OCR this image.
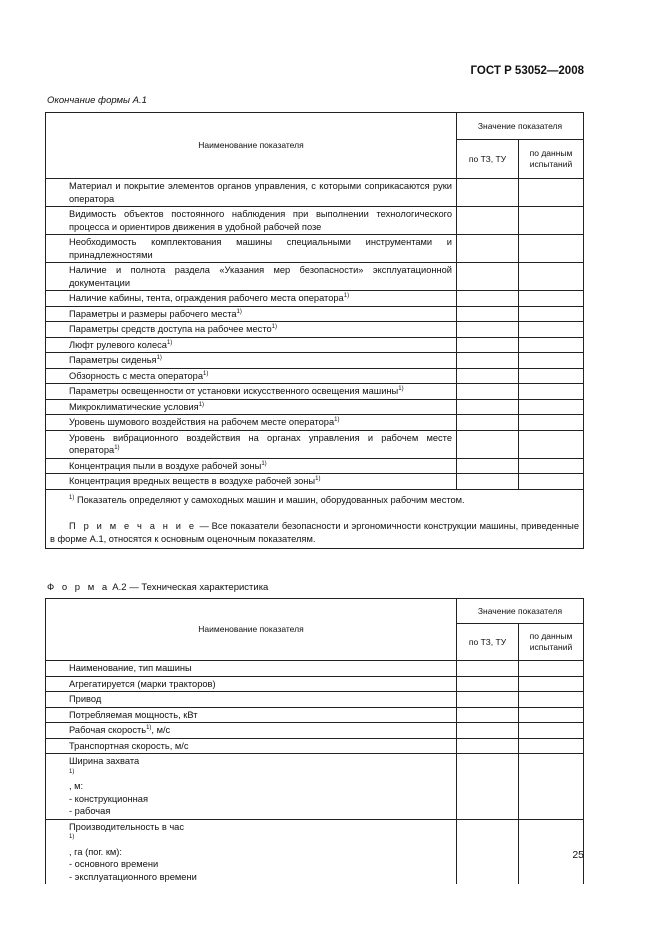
ГОСТ Р 53052—2008
Окончание формы А.1
Наименование показателя	Значение показателя	
	по ТЗ, ТУ	по данным
испытаний
Материал и покрытие элементов органов управления, с которыми соприкасаются руки оператора		
Видимость объектов постоянного наблюдения при выполнении технологического процесса и ориентиров движения в удобной рабочей позе		
Необходимость комплектования машины специальными инструментами и принадлежностями		
Наличие и полнота раздела «Указания мер безопасности» эксплуатационной документации		
Наличие кабины, тента, ограждения рабочего места оператора$^{1)}$		
Параметры и размеры рабочего места$^{1)}$		
Параметры средств доступа на рабочее место$^{1)}$		
Люфт рулевого колеса$^{1)}$		
Параметры сиденья$^{1)}$		
Обзорность с места оператора$^{1)}$		
Параметры освещенности от установки искусственного освещения машины$^{1)}$		
Микроклиматические условия$^{1)}$		
Уровень шумового воздействия на рабочем месте оператора$^{1)}$		
Уровень вибрационного воздействия на органах управления и рабочем месте оператора$^{1)}$		
Концентрация пыли в воздухе рабочей зоны$^{1)}$		
Концентрация вредных веществ в воздухе рабочей зоны$^{1)}$		

$^{1)}$ Показатель определяют у самоходных машин и машин, оборудованных рабочим местом.
П р и м е ч а н и е — Все показатели безопасности и эргономичности конструкции машины, приведенные в форме А.1, относятся к основным оценочным показателям.		
Ф о р м а А.2 — Техническая характеристика
Наименование показателя	Значение показателя	
	по ТЗ, ТУ	по данным
испытаний
Наименование, тип машины		
Агрегатируется (марки тракторов)		
Привод		
Потребляемая мощность, кВт		
Рабочая скорость$^{1)}$, м/с		
Транспортная скорость, м/с		

Ширина захвата
$^{1)}$
, м:
- конструкционная
- рабочая		

Производительность в час
$^{1)}$
, га (пог. км):
- основного времени
- эксплуатационного времени		

25
